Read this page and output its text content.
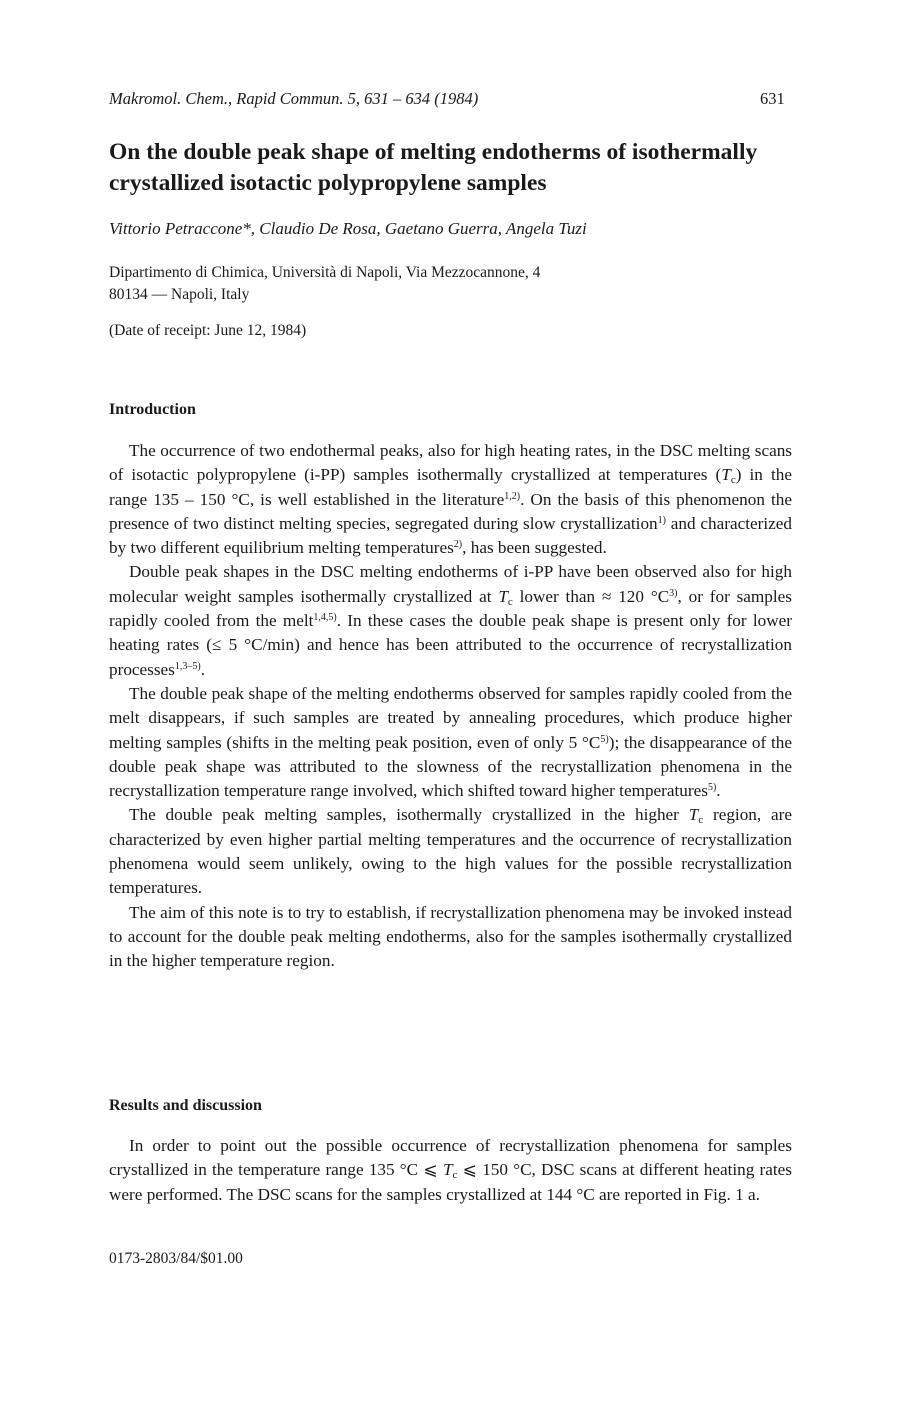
Makromol. Chem., Rapid Commun. 5, 631 – 634 (1984)	631
On the double peak shape of melting endotherms of isothermally crystallized isotactic polypropylene samples
Vittorio Petraccone*, Claudio De Rosa, Gaetano Guerra, Angela Tuzi
Dipartimento di Chimica, Università di Napoli, Via Mezzocannone, 4
80134 — Napoli, Italy
(Date of receipt: June 12, 1984)
Introduction

The occurrence of two endothermal peaks, also for high heating rates, in the DSC melting scans of isotactic polypropylene (i-PP) samples isothermally crystallized at temperatures $(T_c)$ in the range 135 – 150 °C, is well established in the literature$^{1,2)}$. On the basis of this phenomenon the presence of two distinct melting species, segregated during slow crystallization$^{1)}$ and characterized by two different equilibrium melting temperatures$^{2)}$, has been suggested.

Double peak shapes in the DSC melting endotherms of i-PP have been observed also for high molecular weight samples isothermally crystallized at $T_c$ lower than ≈ 120 $^\circ C^{3)}$, or for samples rapidly cooled from the melt$^{1,4,5)}$. In these cases the double peak shape is present only for lower heating rates (≤ 5 °C/min) and hence has been attributed to the occurrence of recrystallization processes$^{1,3-5)}$.

The double peak shape of the melting endotherms observed for samples rapidly cooled from the melt disappears, if such samples are treated by annealing procedures, which produce higher melting samples (shifts in the melting peak position, even of only 5 $^\circ C^{5)}$); the disappearance of the double peak shape was attributed to the slowness of the recrystallization phenomena in the recrystallization temperature range involved, which shifted toward higher temperatures$^{5)}$.

The double peak melting samples, isothermally crystallized in the higher $T_c$ region, are characterized by even higher partial melting temperatures and the occurrence of recrystallization phenomena would seem unlikely, owing to the high values for the possible recrystallization temperatures.

The aim of this note is to try to establish, if recrystallization phenomena may be invoked instead to account for the double peak melting endotherms, also for the samples isothermally crystallized in the higher temperature region.

Results and discussion

In order to point out the possible occurrence of recrystallization phenomena for samples crystallized in the temperature range 135 °C ⩽ $T_c$ ⩽ 150 °C, DSC scans at different heating rates were performed. The DSC scans for the samples crystallized at 144 °C are reported in Fig. 1 a.

0173-2803/84/$01.00
